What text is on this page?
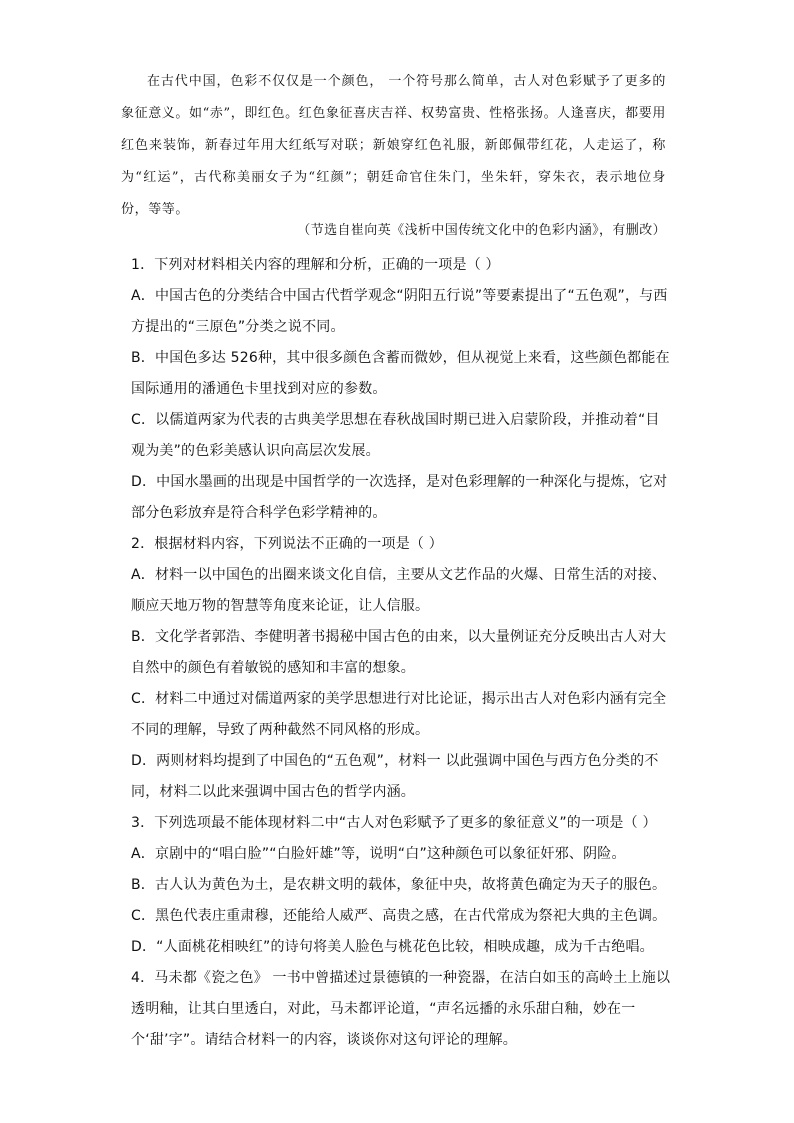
在古代中国，色彩不仅仅是一个颜色， 一个符号那么简单，古人对色彩赋予了更多的象征意义。如“赤”，即红色。红色象征喜庆吉祥、权势富贵、性格张扬。人逢喜庆，都要用红色来装饰，新春过年用大红纸写对联；新娘穿红色礼服，新郎佩带红花，人走运了，称为“红运”，古代称美丽女子为“红颜”；朝廷命官住朱门，坐朱轩，穿朱衣，表示地位身份，等等。

（节选自崔向英《浅析中国传统文化中的色彩内涵》，有删改）

1．下列对材料相关内容的理解和分析，正确的一项是（ ）

A．中国古色的分类结合中国古代哲学观念“阴阳五行说”等要素提出了“五色观”，与西方提出的“三原色”分类之说不同。

B．中国色多达 526种，其中很多颜色含蓄而微妙，但从视觉上来看，这些颜色都能在国际通用的潘通色卡里找到对应的参数。

C．以儒道两家为代表的古典美学思想在春秋战国时期已进入启蒙阶段，并推动着“目观为美”的色彩美感认识向高层次发展。

D．中国水墨画的出现是中国哲学的一次选择，是对色彩理解的一种深化与提炼，它对部分色彩放弃是符合科学色彩学精神的。

2．根据材料内容，下列说法不正确的一项是（ ）

A．材料一以中国色的出圈来谈文化自信，主要从文艺作品的火爆、日常生活的对接、顺应天地万物的智慧等角度来论证，让人信服。

B．文化学者郭浩、李健明著书揭秘中国古色的由来，以大量例证充分反映出古人对大自然中的颜色有着敏锐的感知和丰富的想象。

C．材料二中通过对儒道两家的美学思想进行对比论证，揭示出古人对色彩内涵有完全不同的理解，导致了两种截然不同风格的形成。

D．两则材料均提到了中国色的“五色观”，材料一 以此强调中国色与西方色分类的不同，材料二以此来强调中国古色的哲学内涵。

3．下列选项最不能体现材料二中“古人对色彩赋予了更多的象征意义”的一项是（ ）

A．京剧中的“唱白脸”“白脸奸雄”等，说明“白”这种颜色可以象征奸邪、阴险。

B．古人认为黄色为土，是农耕文明的载体，象征中央，故将黄色确定为天子的服色。

C．黑色代表庄重肃穆，还能给人威严、高贵之感，在古代常成为祭祀大典的主色调。

D．“人面桃花相映红”的诗句将美人脸色与桃花色比较，相映成趣，成为千古绝唱。

4．马未都《瓷之色》 一书中曾描述过景德镇的一种瓷器，在洁白如玉的高岭土上施以透明釉，让其白里透白，对此，马未都评论道，“声名远播的永乐甜白釉，妙在一个‘甜’字”。请结合材料一的内容，谈谈你对这句评论的理解。
